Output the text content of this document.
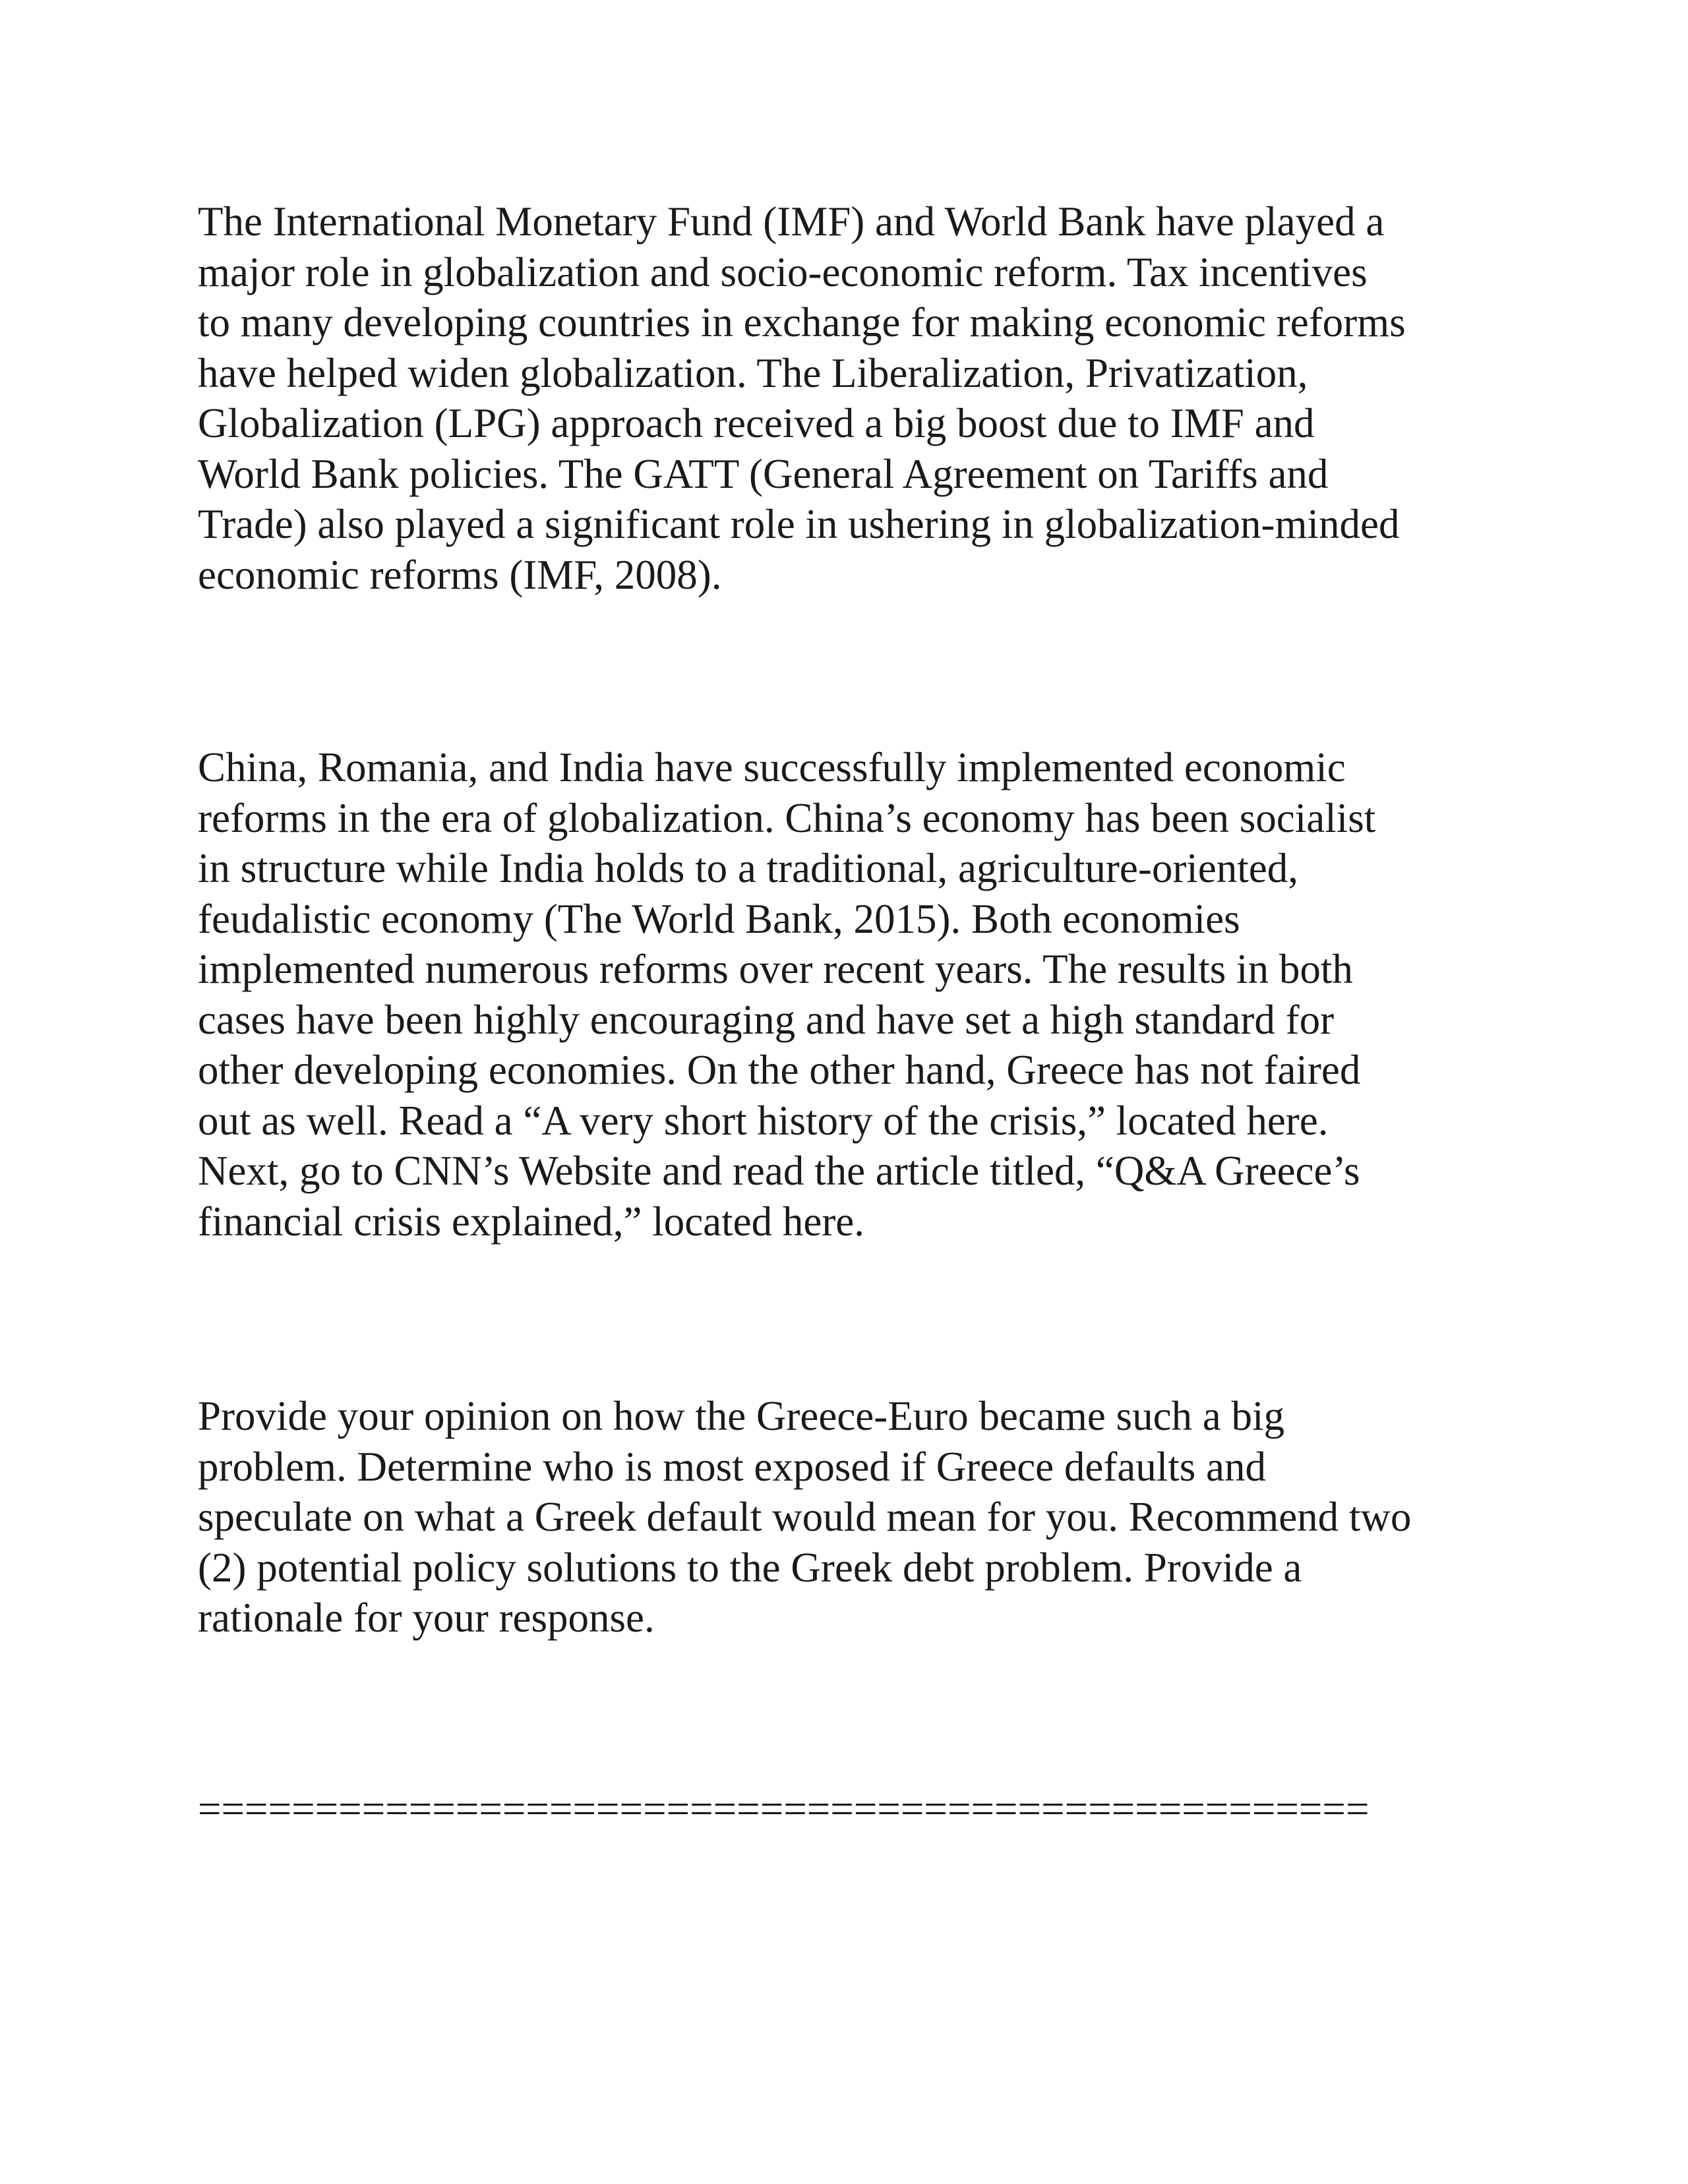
The International Monetary Fund (IMF) and World Bank have played a
major role in globalization and socio-economic reform. Tax incentives
to many developing countries in exchange for making economic reforms
have helped widen globalization. The Liberalization, Privatization,
Globalization (LPG) approach received a big boost due to IMF and
World Bank policies. The GATT (General Agreement on Tariffs and
Trade) also played a significant role in ushering in globalization-minded
economic reforms (IMF, 2008).

China, Romania, and India have successfully implemented economic
reforms in the era of globalization. China’s economy has been socialist
in structure while India holds to a traditional, agriculture-oriented,
feudalistic economy (The World Bank, 2015). Both economies
implemented numerous reforms over recent years. The results in both
cases have been highly encouraging and have set a high standard for
other developing economies. On the other hand, Greece has not faired
out as well. Read a “A very short history of the crisis,” located here.
Next, go to CNN’s Website and read the article titled, “Q&A Greece’s
financial crisis explained,” located here.

Provide your opinion on how the Greece-Euro became such a big
problem. Determine who is most exposed if Greece defaults and
speculate on what a Greek default would mean for you. Recommend two
(2) potential policy solutions to the Greek debt problem. Provide a
rationale for your response.

==================================================
